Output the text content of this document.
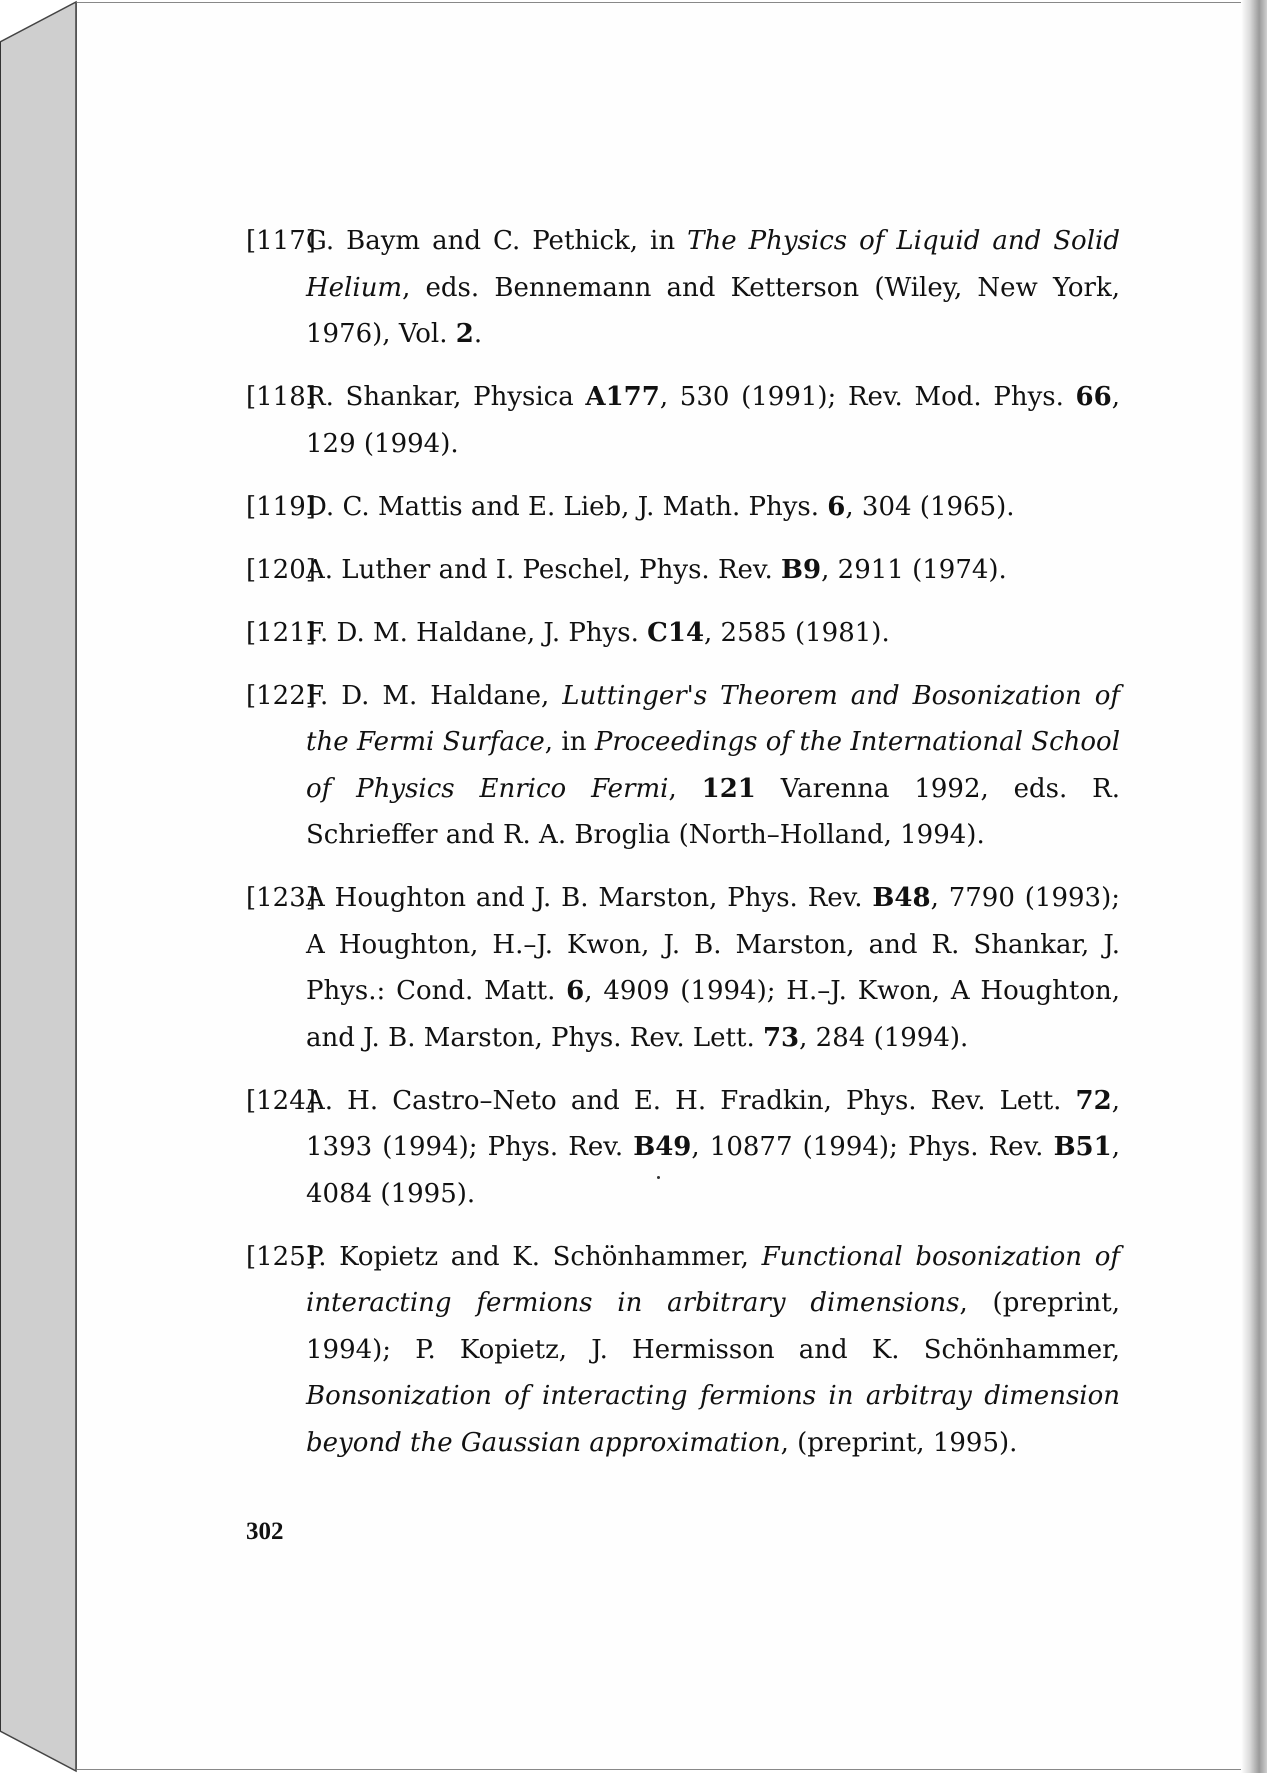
[117]
G. Baym and C. Pethick, in The Physics of Liquid and Solid Helium, eds. Bennemann and Ketterson (Wiley, New York, 1976), Vol. 2.
[118]
R. Shankar, Physica A177, 530 (1991); Rev. Mod. Phys. 66, 129 (1994).
[119]
D. C. Mattis and E. Lieb, J. Math. Phys. 6, 304 (1965).
[120]
A. Luther and I. Peschel, Phys. Rev. B9, 2911 (1974).
[121]
F. D. M. Haldane, J. Phys. C14, 2585 (1981).
[122]
F. D. M. Haldane, Luttinger's Theorem and Bosonization of the Fermi Surface, in Proceedings of the International School of Physics Enrico Fermi, 121 Varenna 1992, eds. R. Schrieffer and R. A. Broglia (North–Holland, 1994).
[123]
A Houghton and J. B. Marston, Phys. Rev. B48, 7790 (1993); A Houghton, H.–J. Kwon, J. B. Marston, and R. Shankar, J. Phys.: Cond. Matt. 6, 4909 (1994); H.–J. Kwon, A Houghton, and J. B. Marston, Phys. Rev. Lett. 73, 284 (1994).
[124]
A. H. Castro–Neto and E. H. Fradkin, Phys. Rev. Lett. 72, 1393 (1994); Phys. Rev. B49, 10877 (1994); Phys. Rev. B51, 4084 (1995).
[125]
P. Kopietz and K. Schönhammer, Functional bosonization of interacting fermions in arbitrary dimensions, (preprint, 1994); P. Kopietz, J. Hermisson and K. Schönhammer, Bonsonization of interacting fermions in arbitray dimension beyond the Gaussian approximation, (preprint, 1995).
302
